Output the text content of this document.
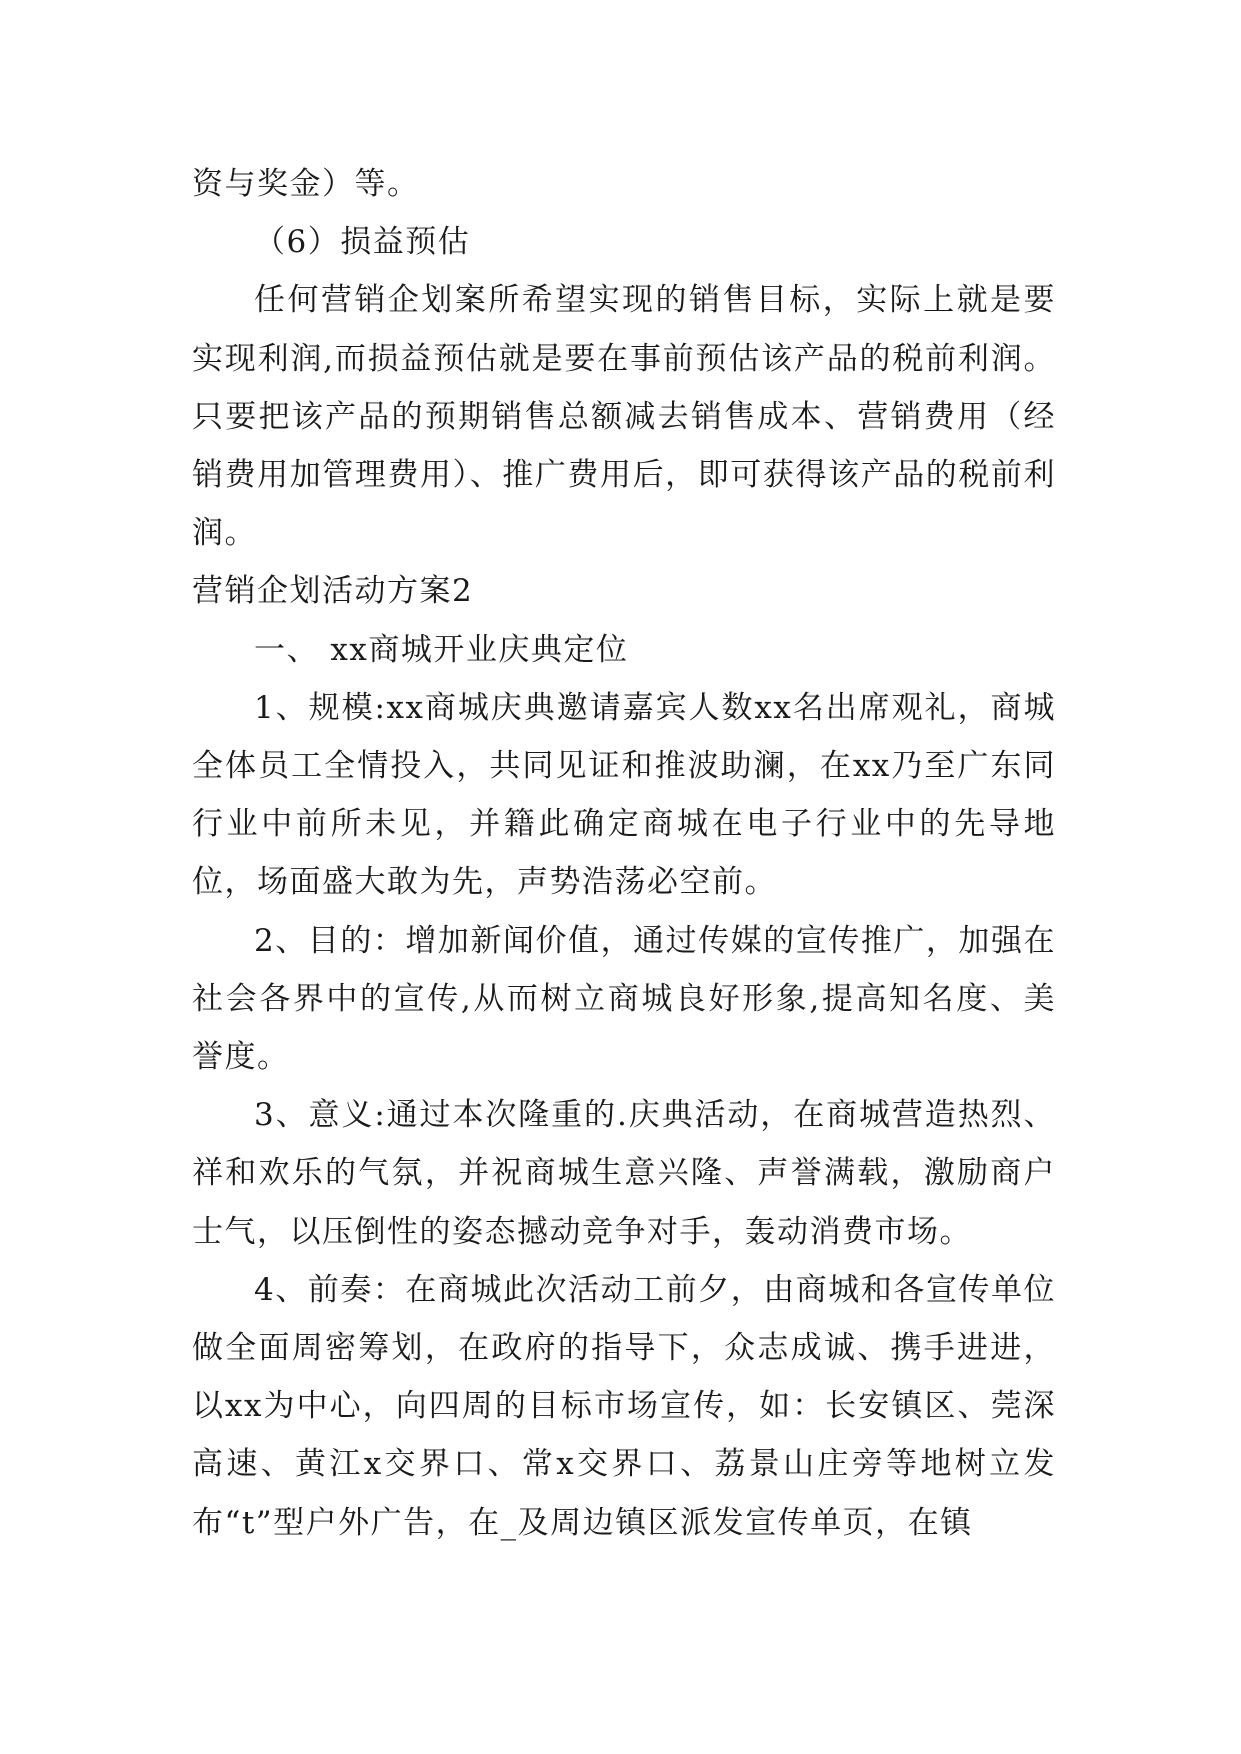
资与奖金）等。

（6）损益预估

任何营销企划案所希望实现的销售目标，实际上就是要实现利润,而损益预估就是要在事前预估该产品的税前利润。只要把该产品的预期销售总额减去销售成本、营销费用（经销费用加管理费用）、推广费用后，即可获得该产品的税前利润。

营销企划活动方案2

一、 xx商城开业庆典定位

1、规模:xx商城庆典邀请嘉宾人数xx名出席观礼，商城全体员工全情投入，共同见证和推波助澜，在xx乃至广东同行业中前所未见，并籍此确定商城在电子行业中的先导地位，场面盛大敢为先，声势浩荡必空前。

2、目的：增加新闻价值，通过传媒的宣传推广，加强在社会各界中的宣传,从而树立商城良好形象,提高知名度、美誉度。

3、意义:通过本次隆重的.庆典活动，在商城营造热烈、祥和欢乐的气氛，并祝商城生意兴隆、声誉满载，激励商户士气，以压倒性的姿态撼动竞争对手，轰动消费市场。

4、前奏：在商城此次活动工前夕，由商城和各宣传单位做全面周密筹划，在政府的指导下，众志成诚、携手进进，以xx为中心，向四周的目标市场宣传，如：长安镇区、莞深高速、黄江x交界口、常x交界口、荔景山庄旁等地树立发布“t”型户外广告，在_及周边镇区派发宣传单页，在镇
